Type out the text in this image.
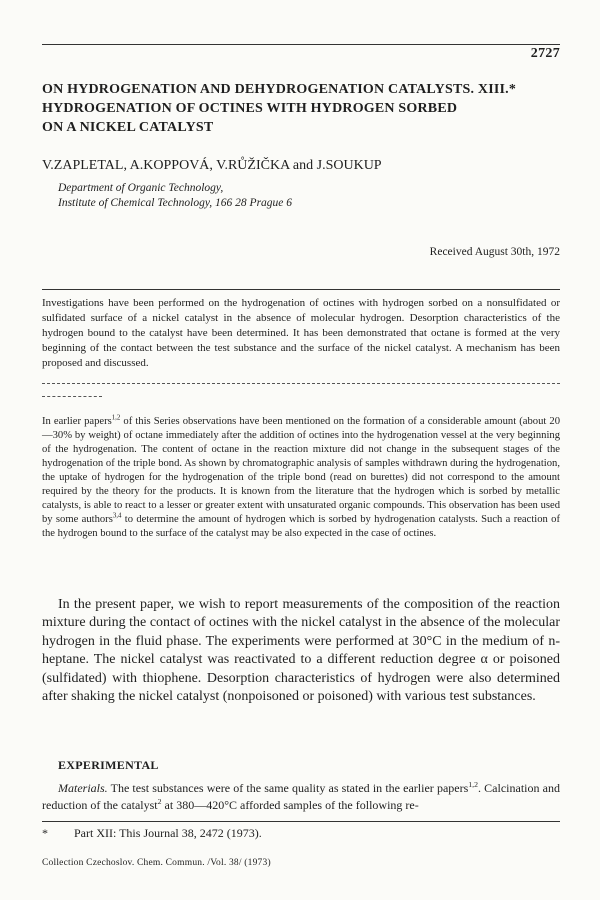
2727
ON HYDROGENATION AND DEHYDROGENATION CATALYSTS. XIII.*
HYDROGENATION OF OCTINES WITH HYDROGEN SORBED
ON A NICKEL CATALYST
V.ZAPLETAL, A.KOPPOVÁ, V.RŮŽIČKA and J.SOUKUP
Department of Organic Technology,
Institute of Chemical Technology, 166 28 Prague 6
Received August 30th, 1972
Investigations have been performed on the hydrogenation of octines with hydrogen sorbed on a nonsulfidated or sulfidated surface of a nickel catalyst in the absence of molecular hydrogen. Desorption characteristics of the hydrogen bound to the catalyst have been determined. It has been demonstrated that octane is formed at the very beginning of the contact between the test substance and the surface of the nickel catalyst. A mechanism has been proposed and discussed.
In earlier papers$^{1,2}$ of this Series observations have been mentioned on the formation of a considerable amount (about 20—30% by weight) of octane immediately after the addition of octines into the hydrogenation vessel at the very beginning of the hydrogenation. The content of octane in the reaction mixture did not change in the subsequent stages of the hydrogenation of the triple bond. As shown by chromatographic analysis of samples withdrawn during the hydrogenation, the uptake of hydrogen for the hydrogenation of the triple bond (read on burettes) did not correspond to the amount required by the theory for the products. It is known from the literature that the hydrogen which is sorbed by metallic catalysts, is able to react to a lesser or greater extent with unsaturated organic compounds. This observation has been used by some authors$^{3,4}$ to determine the amount of hydrogen which is sorbed by hydrogenation catalysts. Such a reaction of the hydrogen bound to the surface of the catalyst may be also expected in the case of octines.
In the present paper, we wish to report measurements of the composition of the reaction mixture during the contact of octines with the nickel catalyst in the absence of the molecular hydrogen in the fluid phase. The experiments were performed at 30°C in the medium of n-heptane. The nickel catalyst was reactivated to a different reduction degree α or poisoned (sulfidated) with thiophene. Desorption characteristics of hydrogen were also determined after shaking the nickel catalyst (nonpoisoned or poisoned) with various test substances.
EXPERIMENTAL
Materials. The test substances were of the same quality as stated in the earlier papers$^{1,2}$. Calcination and reduction of the catalyst$^2$ at 380—420°C afforded samples of the following re-
* Part XII: This Journal 38, 2472 (1973).
Collection Czechoslov. Chem. Commun. /Vol. 38/ (1973)
